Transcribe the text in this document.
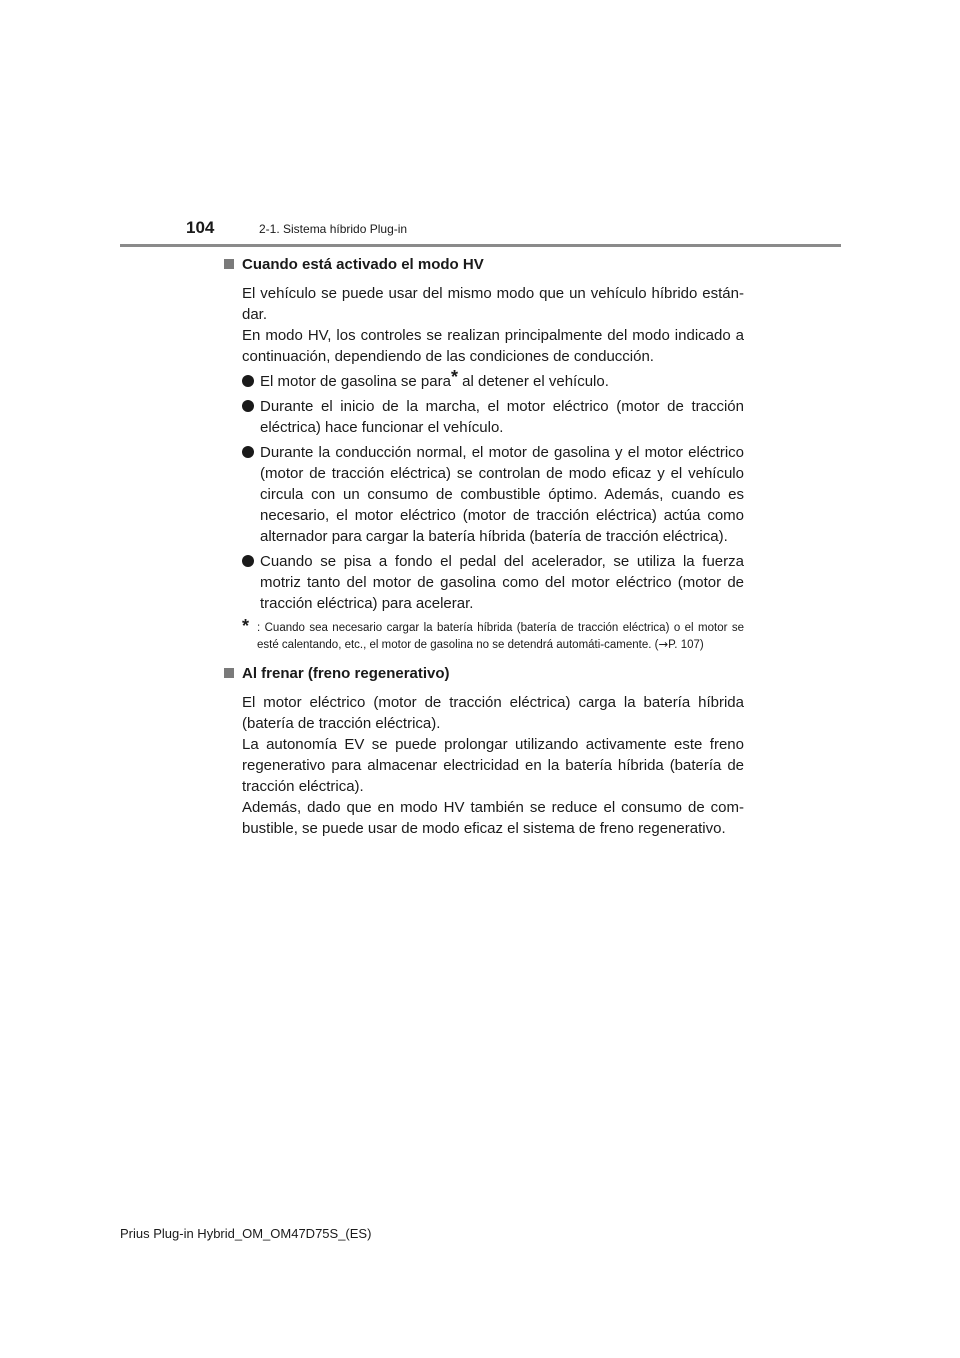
104	2-1. Sistema híbrido Plug-in
Cuando está activado el modo HV

El vehículo se puede usar del mismo modo que un vehículo híbrido están-dar.

En modo HV, los controles se realizan principalmente del modo indicado a continuación, dependiendo de las condiciones de conducción.

El motor de gasolina se para* al detener el vehículo.
Durante el inicio de la marcha, el motor eléctrico (motor de tracción eléctrica) hace funcionar el vehículo.
Durante la conducción normal, el motor de gasolina y el motor eléctrico (motor de tracción eléctrica) se controlan de modo eficaz y el vehículo circula con un consumo de combustible óptimo. Además, cuando es necesario, el motor eléctrico (motor de tracción eléctrica) actúa como alternador para cargar la batería híbrida (batería de tracción eléctrica).
Cuando se pisa a fondo el pedal del acelerador, se utiliza la fuerza motriz tanto del motor de gasolina como del motor eléctrico (motor de tracción eléctrica) para acelerar.
* : Cuando sea necesario cargar la batería híbrida (batería de tracción eléctrica) o el motor se esté calentando, etc., el motor de gasolina no se detendrá automáti-camente. (→P. 107)
Al frenar (freno regenerativo)

El motor eléctrico (motor de tracción eléctrica) carga la batería híbrida (batería de tracción eléctrica).

La autonomía EV se puede prolongar utilizando activamente este freno regenerativo para almacenar electricidad en la batería híbrida (batería de tracción eléctrica).

Además, dado que en modo HV también se reduce el consumo de com-bustible, se puede usar de modo eficaz el sistema de freno regenerativo.

Prius Plug-in Hybrid_OM_OM47D75S_(ES)
